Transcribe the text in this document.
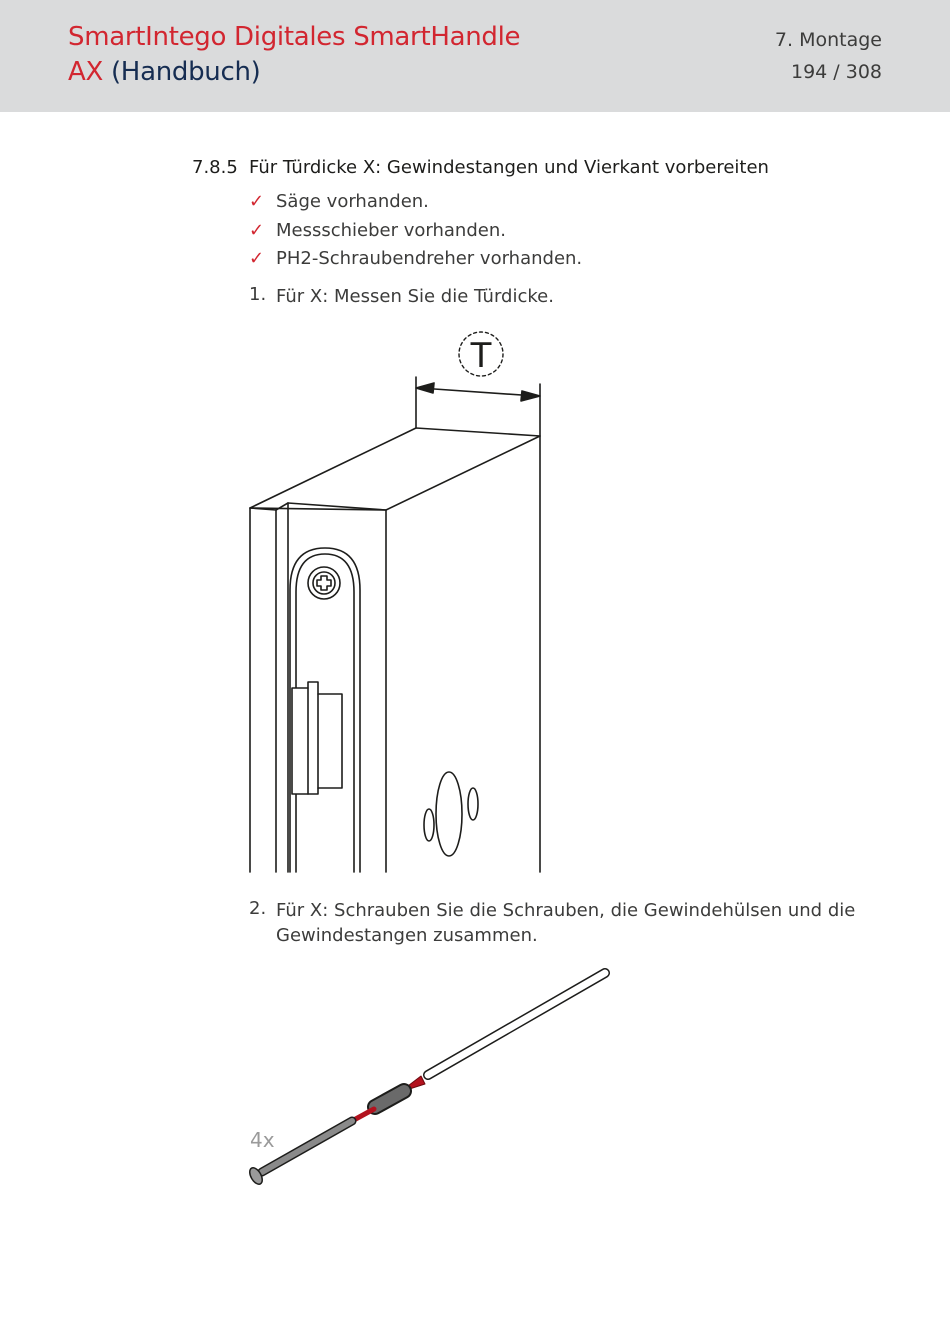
SmartIntego Digitales SmartHandle
AX (Handbuch)
7. Montage
194 / 308
7.8.5 Für Türdicke X: Gewindestangen und Vierkant vorbereiten
✓ Säge vorhanden.
✓ Messschieber vorhanden.
✓ PH2-Schraubendreher vorhanden.
1. Für X: Messen Sie die Türdicke.
T
2. Für X: Schrauben Sie die Schrauben, die Gewindehülsen und die Gewindestangen zusammen.
4x
